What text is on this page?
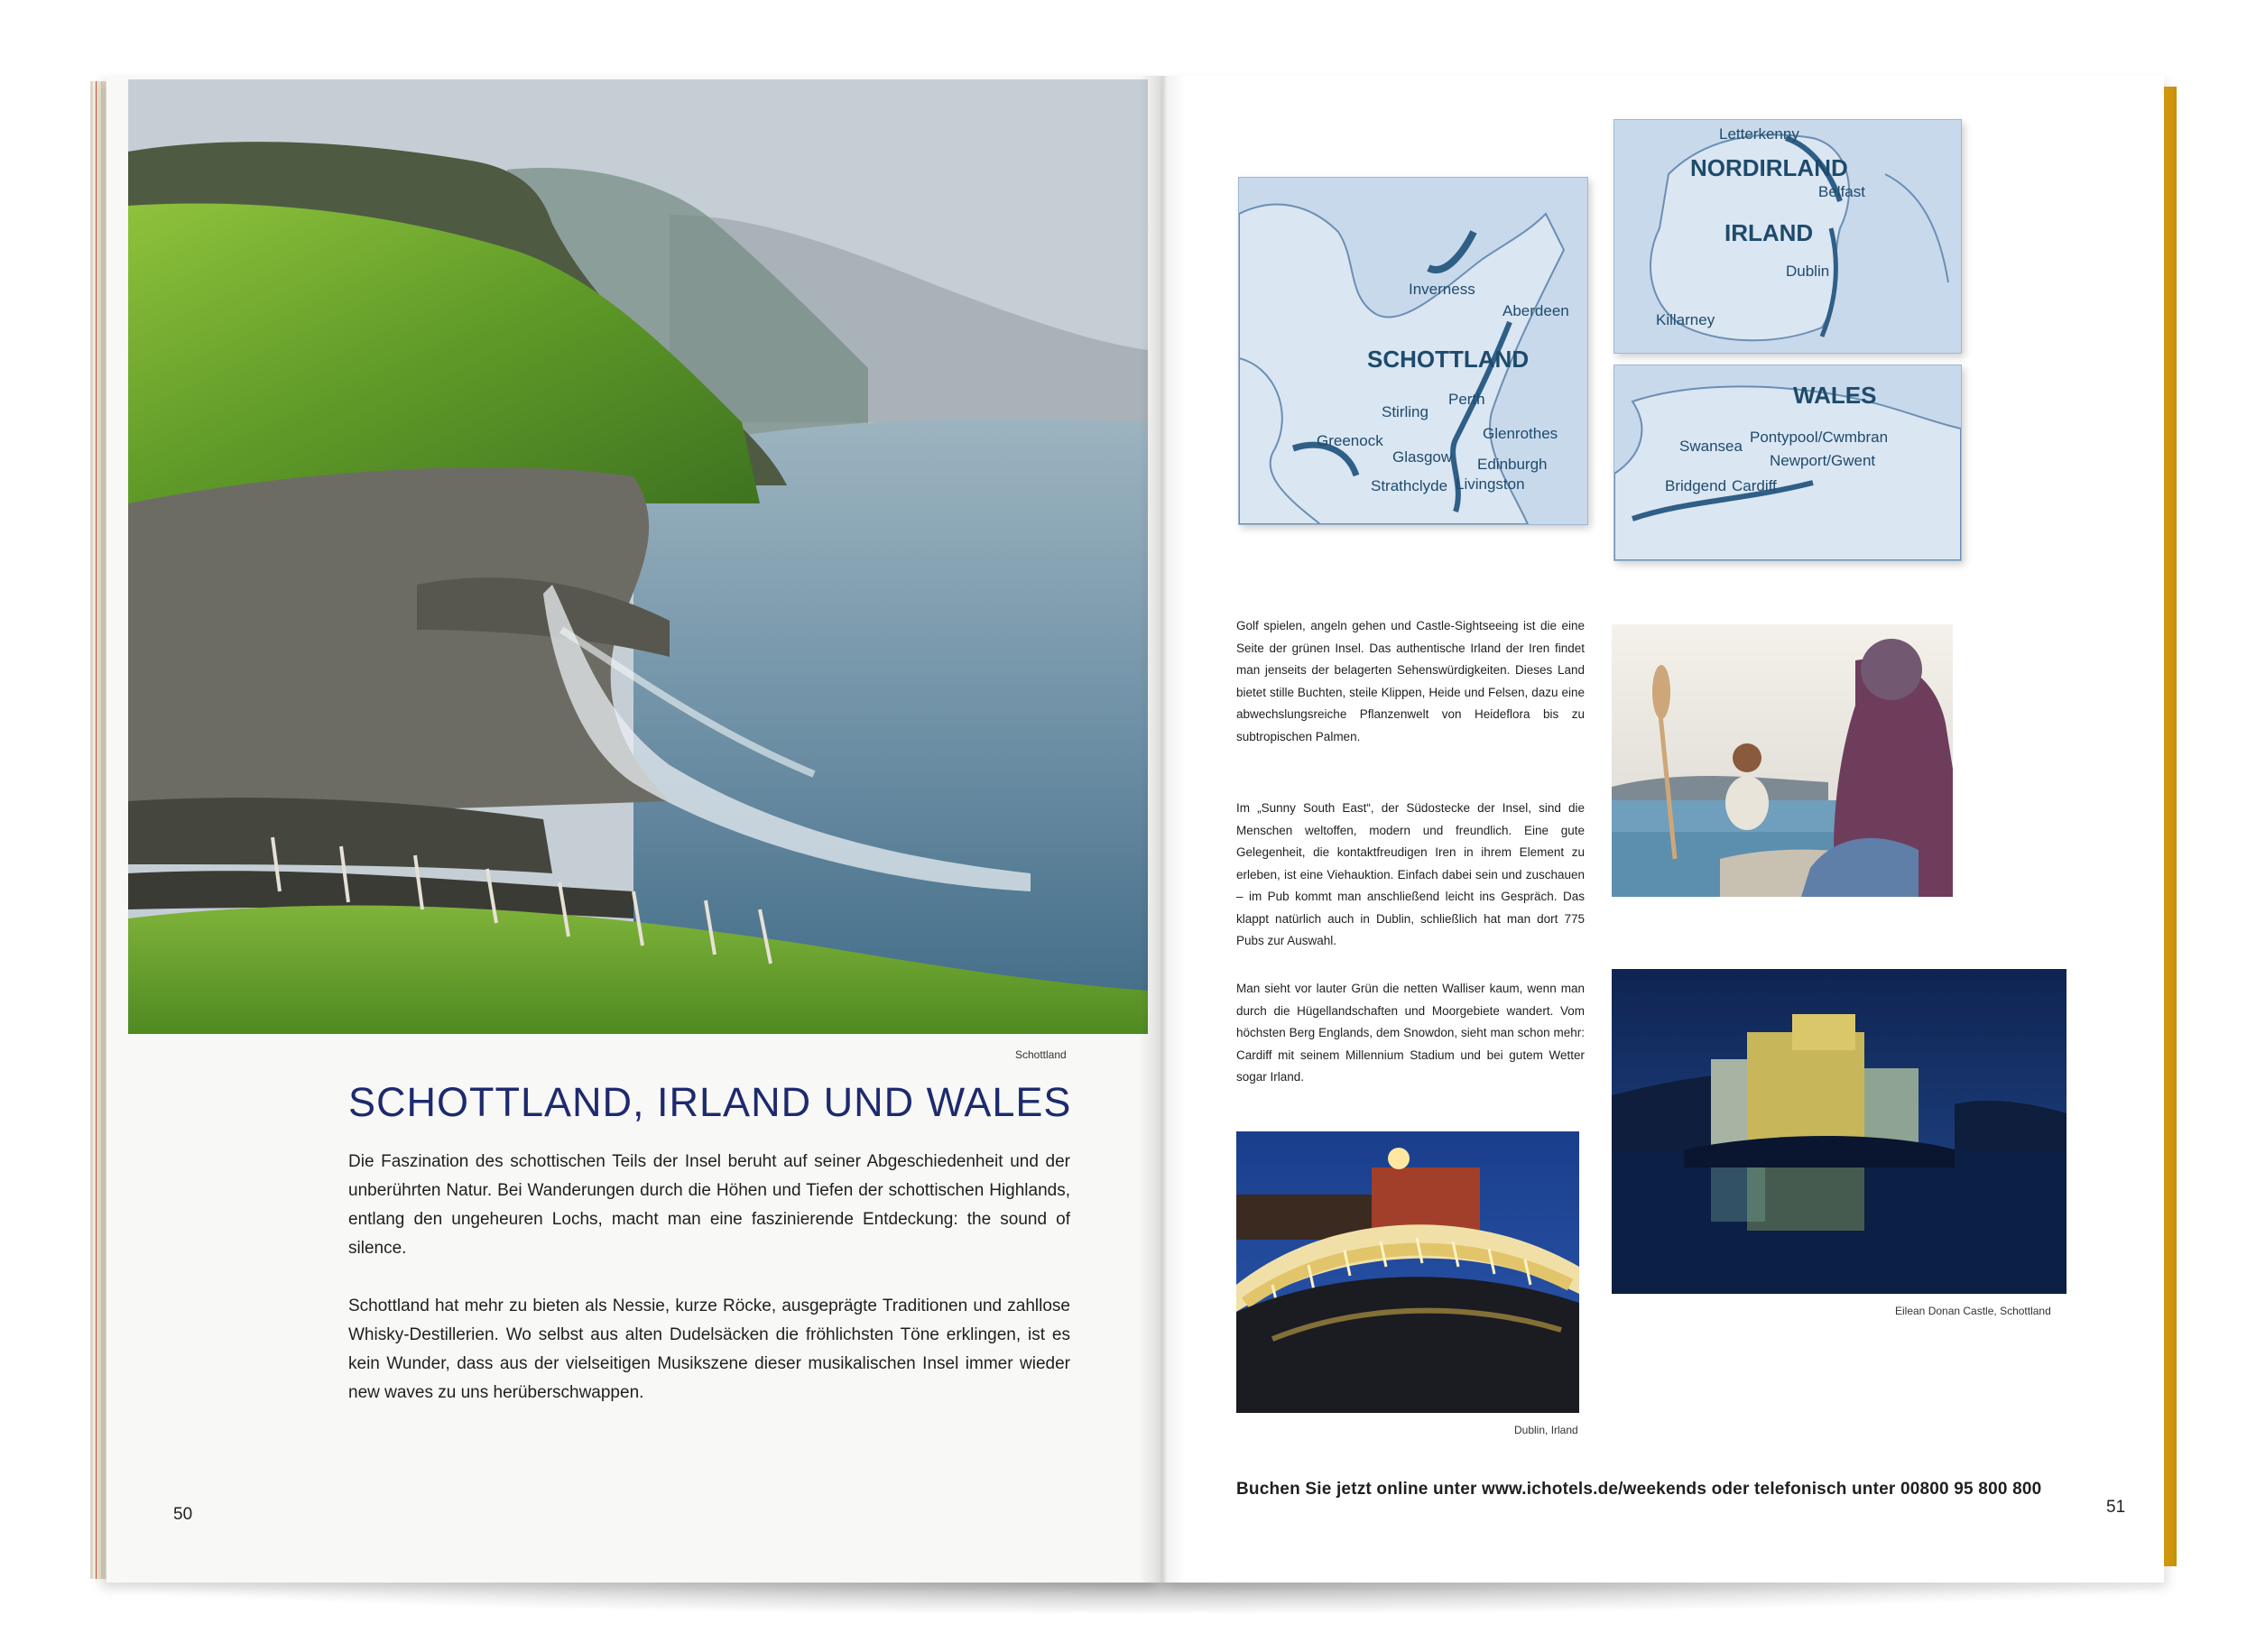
Schottland
SCHOTTLAND, IRLAND UND WALES
Die Faszination des schottischen Teils der Insel beruht auf seiner Abgeschiedenheit und der unberührten Natur. Bei Wanderungen durch die Höhen und Tiefen der schottischen Highlands, entlang den ungeheuren Lochs, macht man eine faszinierende Entdeckung: the sound of silence.
Schottland hat mehr zu bieten als Nessie, kurze Röcke, ausgeprägte Traditionen und zahllose Whisky-Destillerien. Wo selbst aus alten Dudelsäcken die fröhlichsten Töne erklingen, ist es kein Wunder, dass aus der vielseitigen Musikszene dieser musikalischen Insel immer wieder new waves zu uns herüberschwappen.
50
Inverness
Aberdeen
SCHOTTLAND
Perth
Stirling
Glenrothes
Greenock
Glasgow Edinburgh
Strathclyde Livingston
Letterkenny
NORDIRLAND
Belfast
IRLAND
Dublin
Killarney
WALES
Swansea
Pontypool/Cwmbran
Newport/Gwent
Bridgend Cardiff
Golf spielen, angeln gehen und Castle-Sightseeing ist die eine Seite der grünen Insel. Das authentische Irland der Iren findet man jenseits der belagerten Sehenswürdigkeiten. Dieses Land bietet stille Buchten, steile Klippen, Heide und Felsen, dazu eine abwechslungsreiche Pflanzenwelt von Heideflora bis zu subtropischen Palmen.
Im „Sunny South East“, der Südostecke der Insel, sind die Menschen weltoffen, modern und freundlich. Eine gute Gelegenheit, die kontaktfreudigen Iren in ihrem Element zu erleben, ist eine Viehauktion. Einfach dabei sein und zuschauen – im Pub kommt man anschließend leicht ins Gespräch. Das klappt natürlich auch in Dublin, schließlich hat man dort 775 Pubs zur Auswahl.
Man sieht vor lauter Grün die netten Walliser kaum, wenn man durch die Hügellandschaften und Moorgebiete wandert. Vom höchsten Berg Englands, dem Snowdon, sieht man schon mehr: Cardiff mit seinem Millennium Stadium und bei gutem Wetter sogar Irland.
Eilean Donan Castle, Schottland
Dublin, Irland
Buchen Sie jetzt online unter www.ichotels.de/weekends oder telefonisch unter 00800 95 800 800
51
